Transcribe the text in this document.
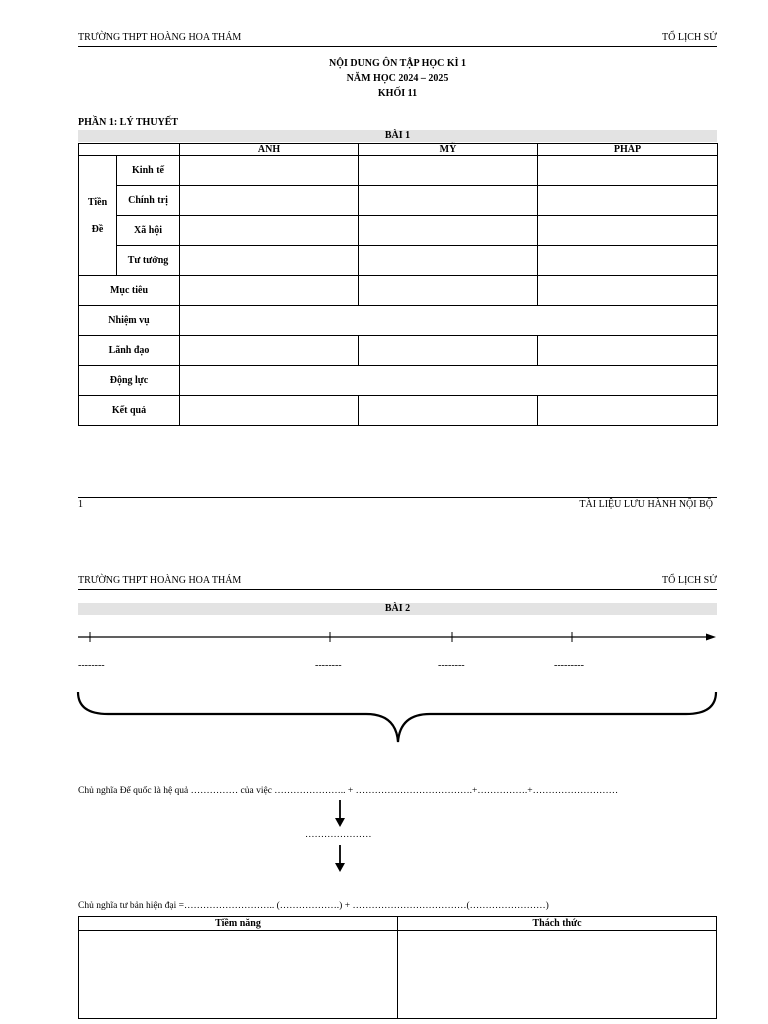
TRƯỜNG THPT HOÀNG HOA THÁM	TỔ LỊCH SỬ
NỘI DUNG ÔN TẬP HỌC KÌ 1
NĂM HỌC 2024 – 2025
KHỐI 11
PHẦN 1: LÝ THUYẾT
BÀI 1
		ANH	MỸ	PHÁP

Tiền
Đề	Kinh tế			
	Chính trị			
	Xã hội			
	Tư tưởng			
Mục tiêu				
Nhiệm vụ				
Lãnh đạo				
Động lực				
Kết quả				
1	TÀI LIỆU LƯU HÀNH NỘI BỘ
TRƯỜNG THPT HOÀNG HOA THÁM	TỔ LỊCH SỬ
BÀI 2
--------	--------	--------	---------
Chủ nghĩa Đế quốc là hệ quả …………… của việc ………………….. + ……………………………….+…………….+………………………
…………………
Chủ nghĩa tư bản hiện đại =……………………….. (……………….) + ………………………………(……………………)
Tiềm năng	Thách thức
